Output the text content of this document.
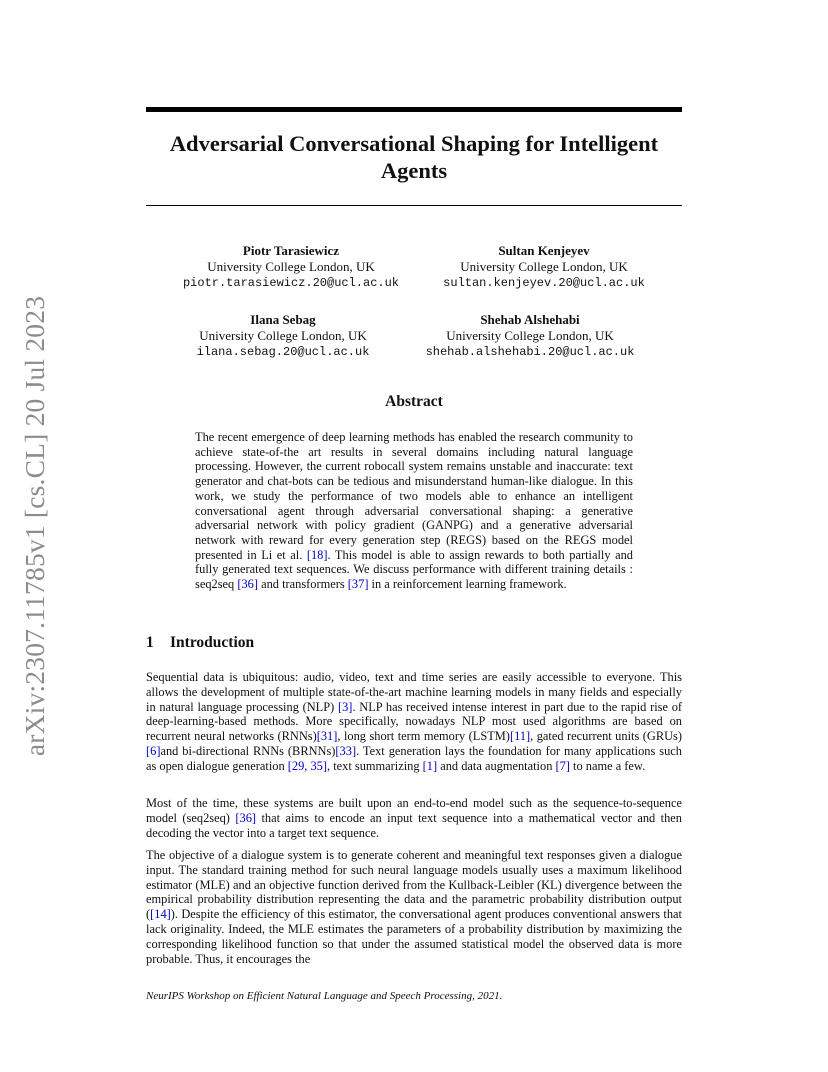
arXiv:2307.11785v1 [cs.CL] 20 Jul 2023
Adversarial Conversational Shaping for Intelligent Agents
Piotr Tarasiewicz
University College London, UK
piotr.tarasiewicz.20@ucl.ac.uk
Sultan Kenjeyev
University College London, UK
sultan.kenjeyev.20@ucl.ac.uk
Ilana Sebag
University College London, UK
ilana.sebag.20@ucl.ac.uk
Shehab Alshehabi
University College London, UK
shehab.alshehabi.20@ucl.ac.uk
Abstract

The recent emergence of deep learning methods has enabled the research community to achieve state-of-the art results in several domains including natural language processing. However, the current robocall system remains unstable and inaccurate: text generator and chat-bots can be tedious and misunderstand human-like dialogue. In this work, we study the performance of two models able to enhance an intelligent conversational agent through adversarial conversational shaping: a generative adversarial network with policy gradient (GANPG) and a generative adversarial network with reward for every generation step (REGS) based on the REGS model presented in Li et al. [18]. This model is able to assign rewards to both partially and fully generated text sequences. We discuss performance with different training details : seq2seq [36] and transformers [37] in a reinforcement learning framework.

1 Introduction

Sequential data is ubiquitous: audio, video, text and time series are easily accessible to everyone. This allows the development of multiple state-of-the-art machine learning models in many fields and especially in natural language processing (NLP) [3]. NLP has received intense interest in part due to the rapid rise of deep-learning-based methods. More specifically, nowadays NLP most used algorithms are based on recurrent neural networks (RNNs)[31], long short term memory (LSTM)[11], gated recurrent units (GRUs) [6]and bi-directional RNNs (BRNNs)[33]. Text generation lays the foundation for many applications such as open dialogue generation [29, 35], text summarizing [1] and data augmentation [7] to name a few.

Most of the time, these systems are built upon an end-to-end model such as the sequence-to-sequence model (seq2seq) [36] that aims to encode an input text sequence into a mathematical vector and then decoding the vector into a target text sequence.

The objective of a dialogue system is to generate coherent and meaningful text responses given a dialogue input. The standard training method for such neural language models usually uses a maximum likelihood estimator (MLE) and an objective function derived from the Kullback-Leibler (KL) divergence between the empirical probability distribution representing the data and the parametric probability distribution output ([14]). Despite the efficiency of this estimator, the conversational agent produces conventional answers that lack originality. Indeed, the MLE estimates the parameters of a probability distribution by maximizing the corresponding likelihood function so that under the assumed statistical model the observed data is more probable. Thus, it encourages the

NeurIPS Workshop on Efficient Natural Language and Speech Processing, 2021.
